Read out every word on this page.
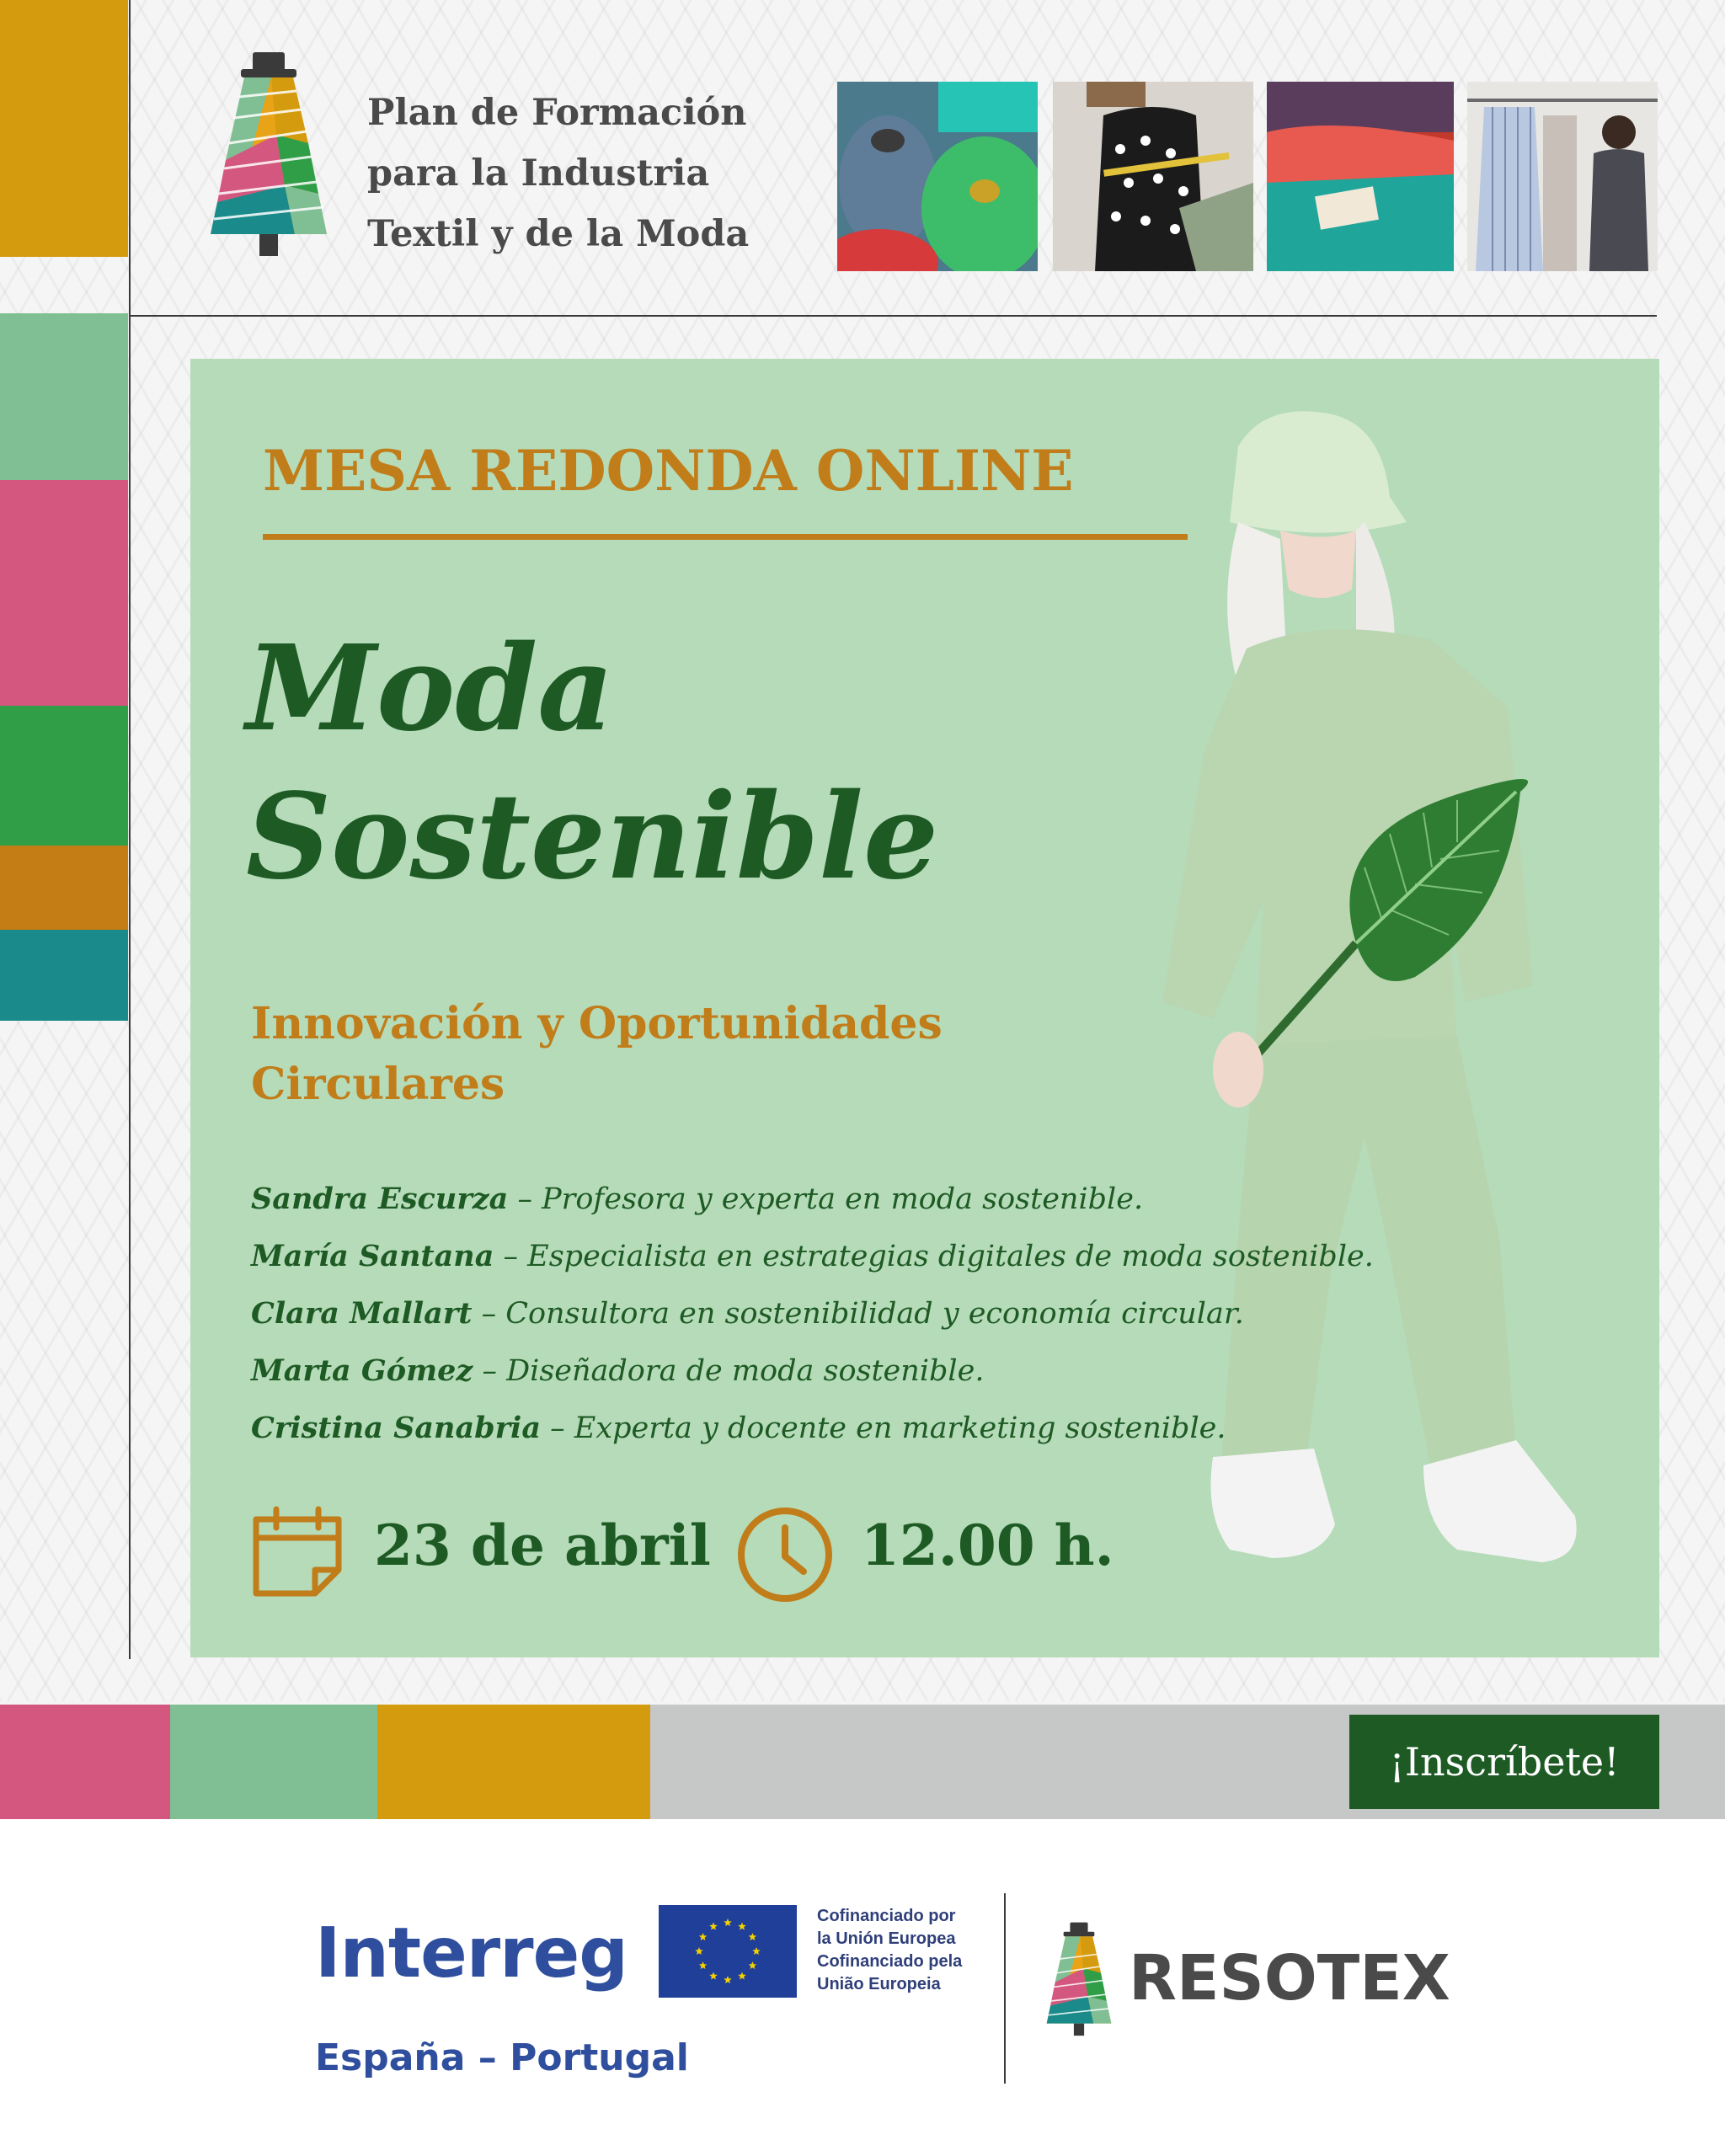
Plan de Formación
para la Industria
Textil y de la Moda
MESA REDONDA ONLINE
Moda
Sostenible
Innovación y Oportunidades
Circulares
Sandra Escurza – Profesora y experta en moda sostenible.
María Santana – Especialista en estrategias digitales de moda sostenible.
Clara Mallart – Consultora en sostenibilidad y economía circular.
Marta Gómez – Diseñadora de moda sostenible.
Cristina Sanabria – Experta y docente en marketing sostenible.
23 de abril	12.00 h.
¡Inscríbete!
Interreg
España – Portugal
Cofinanciado por
la Unión Europea
Cofinanciado pela
União Europeia	RESOTEX
